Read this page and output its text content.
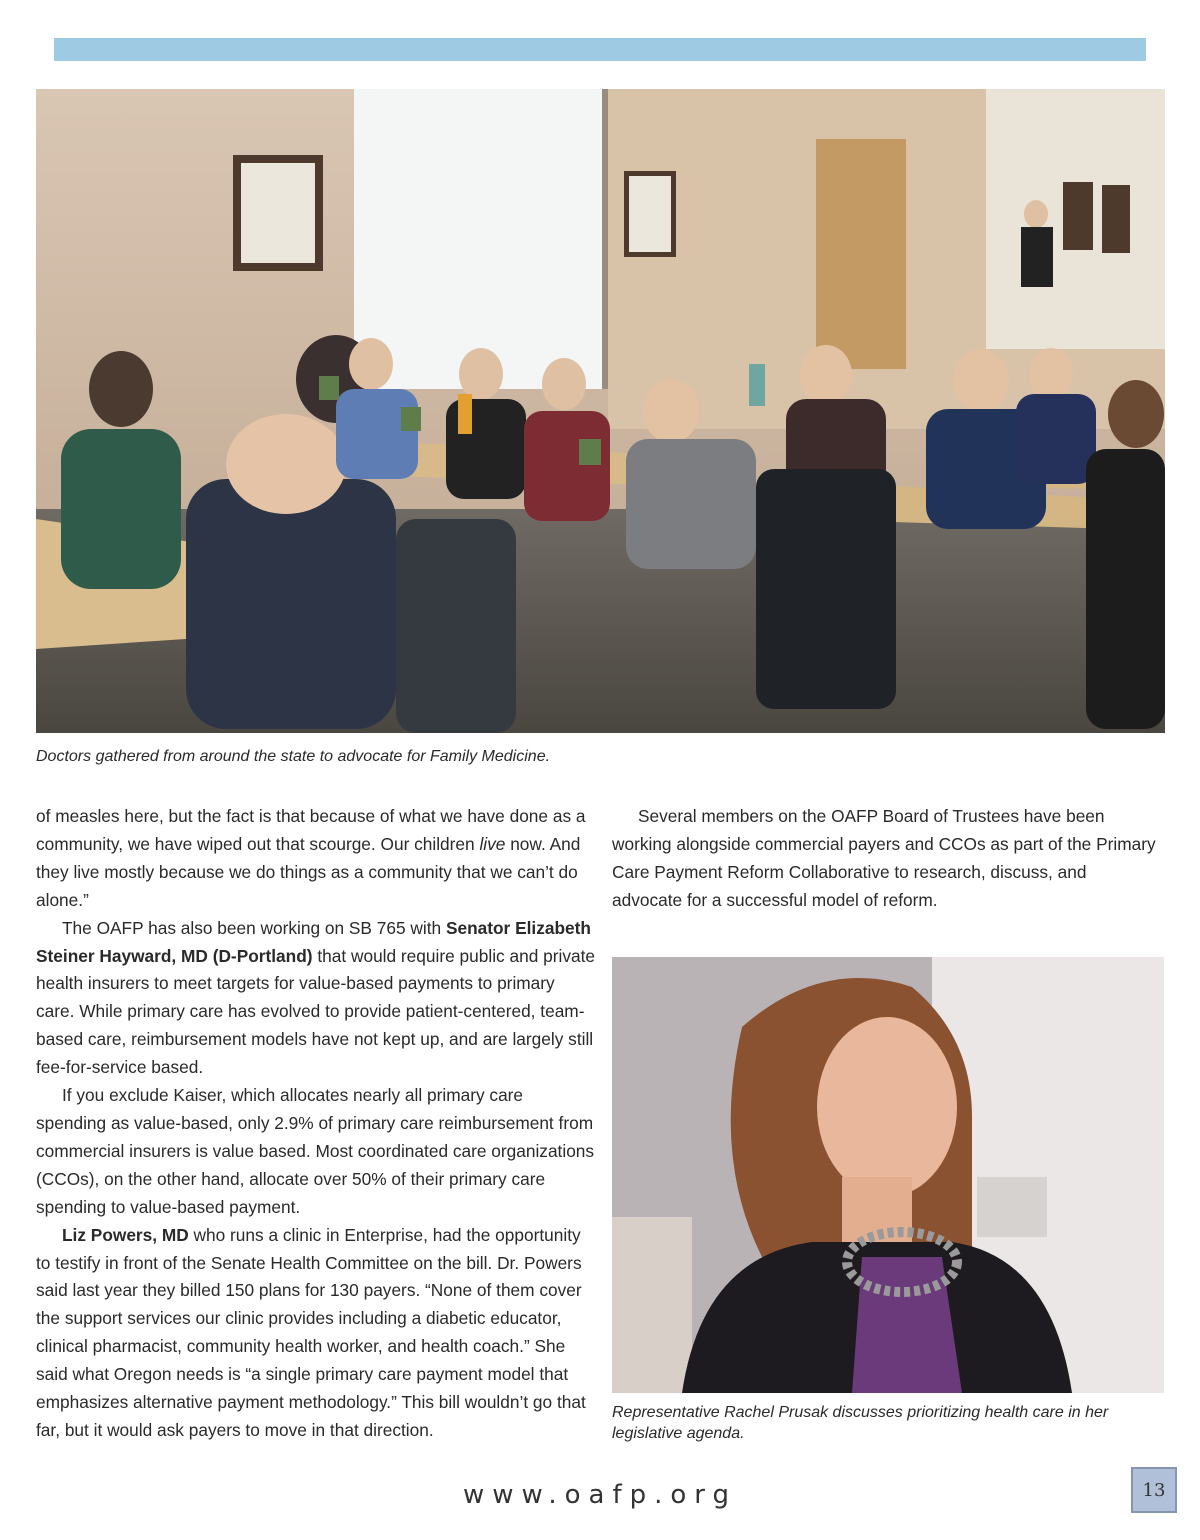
Doctors gathered from around the state to advocate for Family Medicine.

of measles here, but the fact is that because of what we have done as a community, we have wiped out that scourge. Our children live now. And they live mostly because we do things as a community that we can’t do alone.”

The OAFP has also been working on SB 765 with Senator Elizabeth Steiner Hayward, MD (D-Portland) that would require public and private health insurers to meet targets for value-based payments to primary care. While primary care has evolved to provide patient-centered, team-based care, reimbursement models have not kept up, and are largely still fee-for-service based.

If you exclude Kaiser, which allocates nearly all primary care spending as value-based, only 2.9% of primary care reimbursement from commercial insurers is value based. Most coordinated care organizations (CCOs), on the other hand, allocate over 50% of their primary care spending to value-based payment.

Liz Powers, MD who runs a clinic in Enterprise, had the opportunity to testify in front of the Senate Health Committee on the bill. Dr. Powers said last year they billed 150 plans for 130 payers. “None of them cover the support services our clinic provides including a diabetic educator, clinical pharmacist, community health worker, and health coach.” She said what Oregon needs is “a single primary care payment model that emphasizes alternative payment methodology.” This bill wouldn’t go that far, but it would ask payers to move in that direction.

Several members on the OAFP Board of Trustees have been working alongside commercial payers and CCOs as part of the Primary Care Payment Reform Collaborative to research, discuss, and advocate for a successful model of reform.

Representative Rachel Prusak discusses prioritizing health care in her legislative agenda.
www.oafp.org	13
